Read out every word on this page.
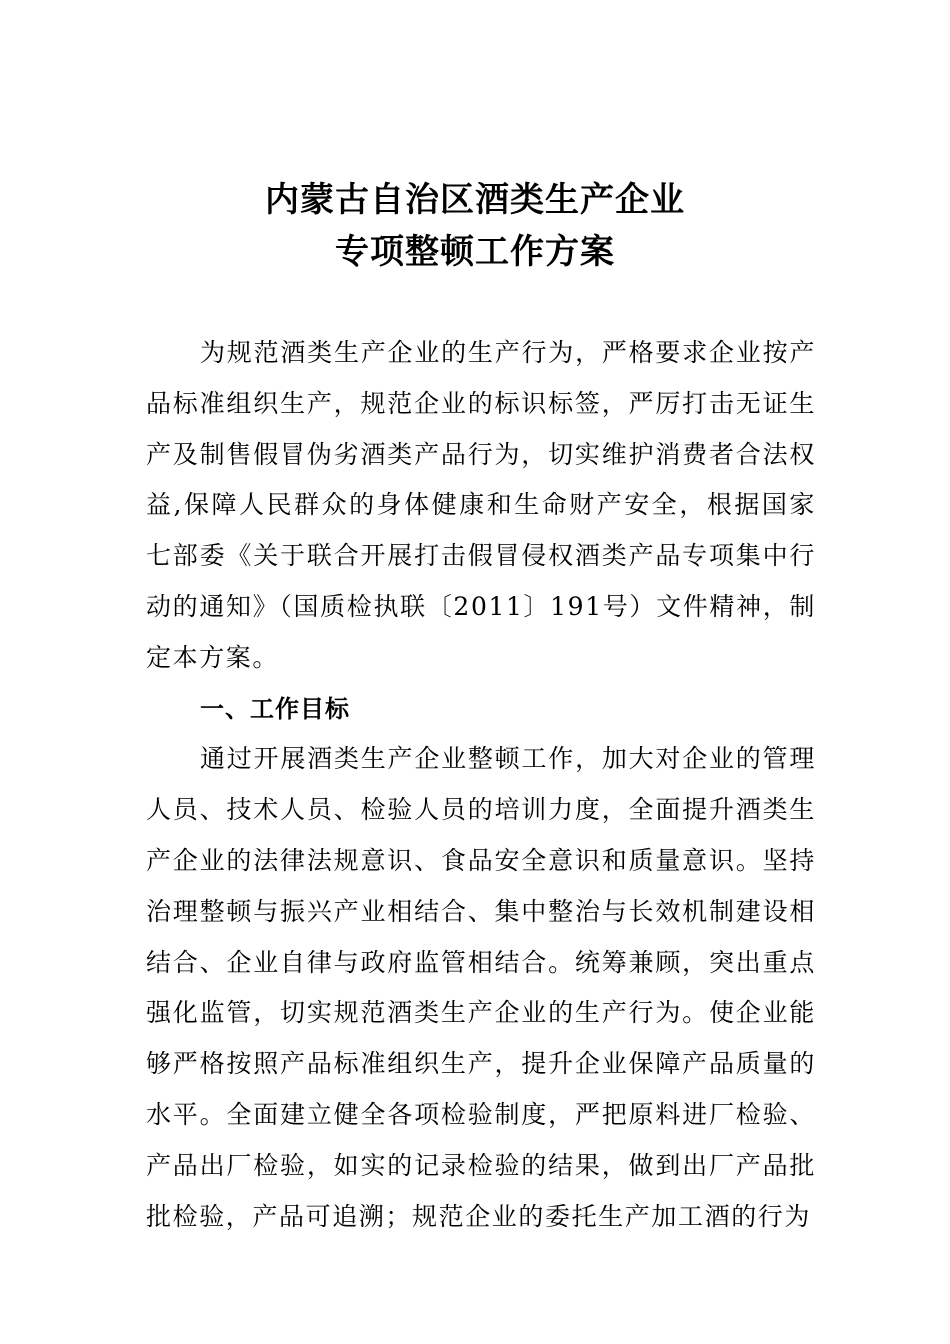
内蒙古自治区酒类生产企业
专项整顿工作方案

为规范酒类生产企业的生产行为，严格要求企业按产品标准组织生产，规范企业的标识标签，严厉打击无证生产及制售假冒伪劣酒类产品行为，切实维护消费者合法权益,保障人民群众的身体健康和生命财产安全，根据国家七部委《关于联合开展打击假冒侵权酒类产品专项集中行动的通知》（国质检执联〔2011〕191号）文件精神，制定本方案。

一、工作目标

通过开展酒类生产企业整顿工作，加大对企业的管理人员、技术人员、检验人员的培训力度，全面提升酒类生产企业的法律法规意识、食品安全意识和质量意识。坚持治理整顿与振兴产业相结合、集中整治与长效机制建设相结合、企业自律与政府监管相结合。统筹兼顾，突出重点强化监管，切实规范酒类生产企业的生产行为。使企业能够严格按照产品标准组织生产，提升企业保障产品质量的水平。全面建立健全各项检验制度，严把原料进厂检验、产品出厂检验，如实的记录检验的结果，做到出厂产品批批检验，产品可追溯；规范企业的委托生产加工酒的行为
